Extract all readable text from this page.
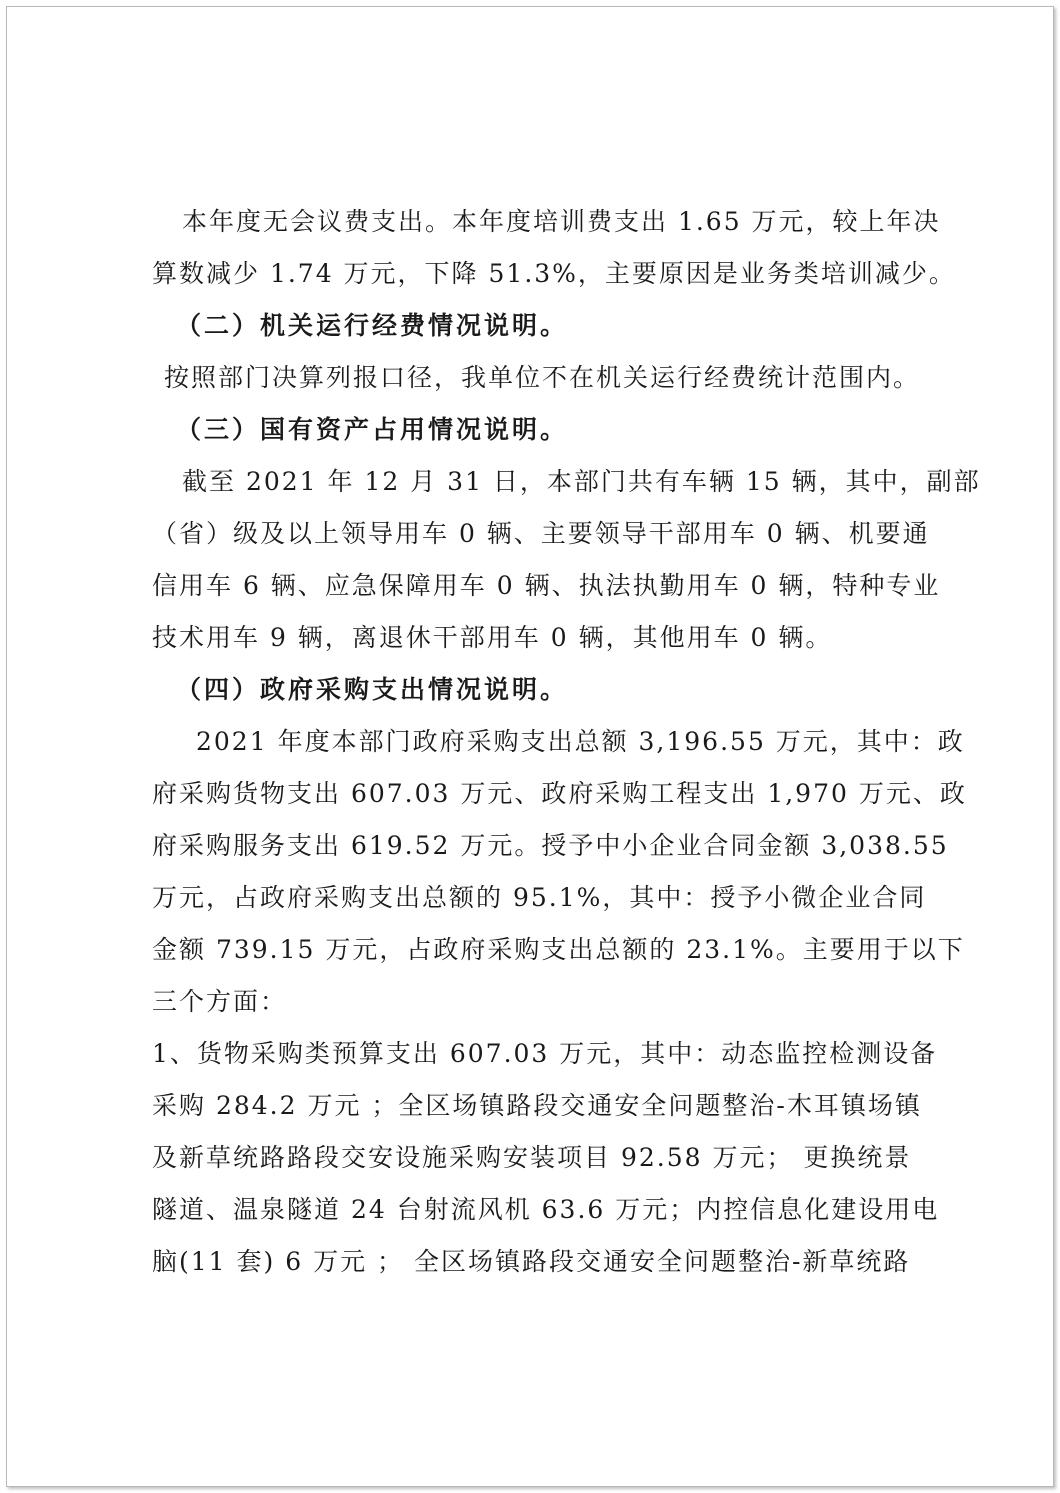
本年度无会议费支出。本年度培训费支出 1.65 万元，较上年决
算数减少 1.74 万元，下降 51.3%，主要原因是业务类培训减少。
（二）机关运行经费情况说明。
按照部门决算列报口径，我单位不在机关运行经费统计范围内。
（三）国有资产占用情况说明。
截至 2021 年 12 月 31 日，本部门共有车辆 15 辆，其中，副部
（省）级及以上领导用车 0 辆、主要领导干部用车 0 辆、机要通
信用车 6 辆、应急保障用车 0 辆、执法执勤用车 0 辆，特种专业
技术用车 9 辆，离退休干部用车 0 辆，其他用车 0 辆。
（四）政府采购支出情况说明。
2021 年度本部门政府采购支出总额 3,196.55 万元，其中：政
府采购货物支出 607.03 万元、政府采购工程支出 1,970 万元、政
府采购服务支出 619.52 万元。授予中小企业合同金额 3,038.55
万元，占政府采购支出总额的 95.1%，其中：授予小微企业合同
金额 739.15 万元，占政府采购支出总额的 23.1%。主要用于以下
三个方面：
1、货物采购类预算支出 607.03 万元，其中：动态监控检测设备
采购 284.2 万元 ；全区场镇路段交通安全问题整治-木耳镇场镇
及新草统路路段交安设施采购安装项目 92.58 万元； 更换统景
隧道、温泉隧道 24 台射流风机 63.6 万元；内控信息化建设用电
脑(11 套) 6 万元 ； 全区场镇路段交通安全问题整治-新草统路
